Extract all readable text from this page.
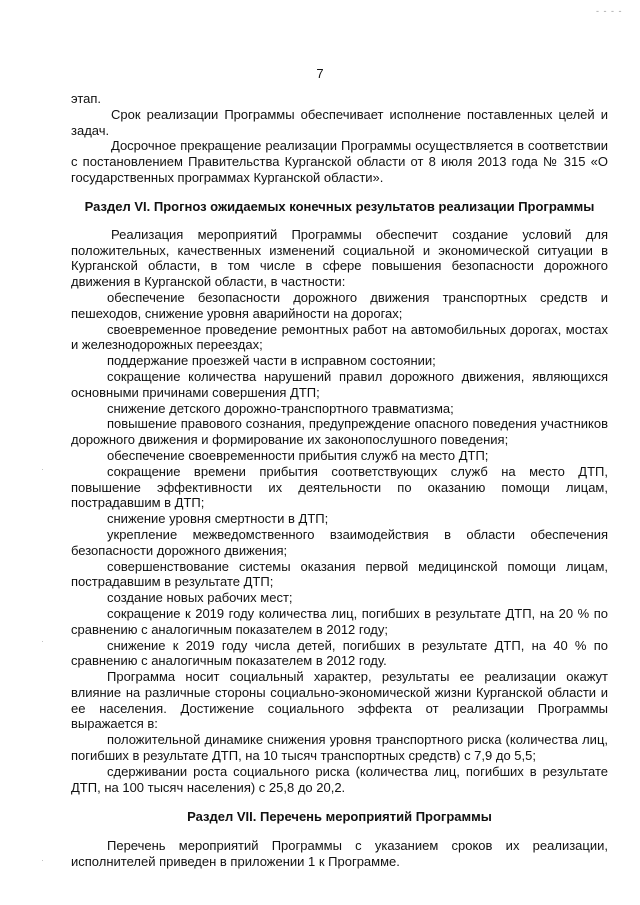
- - - -
·
·
·
7

этап.

Срок реализации Программы обеспечивает исполнение поставленных целей и задач.

Досрочное прекращение реализации Программы осуществляется в соответствии с постановлением Правительства Курганской области от 8 июля 2013 года № 315 «О государственных программах Курганской области».

Раздел VI. Прогноз ожидаемых конечных результатов реализации Программы

Реализация мероприятий Программы обеспечит создание условий для положительных, качественных изменений социальной и экономической ситуации в Курганской области, в том числе в сфере повышения безопасности дорожного движения в Курганской области, в частности:

обеспечение безопасности дорожного движения транспортных средств и пешеходов, снижение уровня аварийности на дорогах;

своевременное проведение ремонтных работ на автомобильных дорогах, мостах и железнодорожных переездах;

поддержание проезжей части в исправном состоянии;

сокращение количества нарушений правил дорожного движения, являющихся основными причинами совершения ДТП;

снижение детского дорожно-транспортного травматизма;

повышение правового сознания, предупреждение опасного поведения участников дорожного движения и формирование их законопослушного поведения;

обеспечение своевременности прибытия служб на место ДТП;

сокращение времени прибытия соответствующих служб на место ДТП, повышение эффективности их деятельности по оказанию помощи лицам, пострадавшим в ДТП;

снижение уровня смертности в ДТП;

укрепление межведомственного взаимодействия в области обеспечения безопасности дорожного движения;

совершенствование системы оказания первой медицинской помощи лицам, пострадавшим в результате ДТП;

создание новых рабочих мест;

сокращение к 2019 году количества лиц, погибших в результате ДТП, на 20 % по сравнению с аналогичным показателем в 2012 году;

снижение к 2019 году числа детей, погибших в результате ДТП, на 40 % по сравнению с аналогичным показателем в 2012 году.

Программа носит социальный характер, результаты ее реализации окажут влияние на различные стороны социально-экономической жизни Курганской области и ее населения. Достижение социального эффекта от реализации Программы выражается в:

положительной динамике снижения уровня транспортного риска (количества лиц, погибших в результате ДТП, на 10 тысяч транспортных средств) с 7,9 до 5,5;

сдерживании роста социального риска (количества лиц, погибших в результате ДТП, на 100 тысяч населения) с 25,8 до 20,2.

Раздел VII. Перечень мероприятий Программы

Перечень мероприятий Программы с указанием сроков их реализации, исполнителей приведен в приложении 1 к Программе.
